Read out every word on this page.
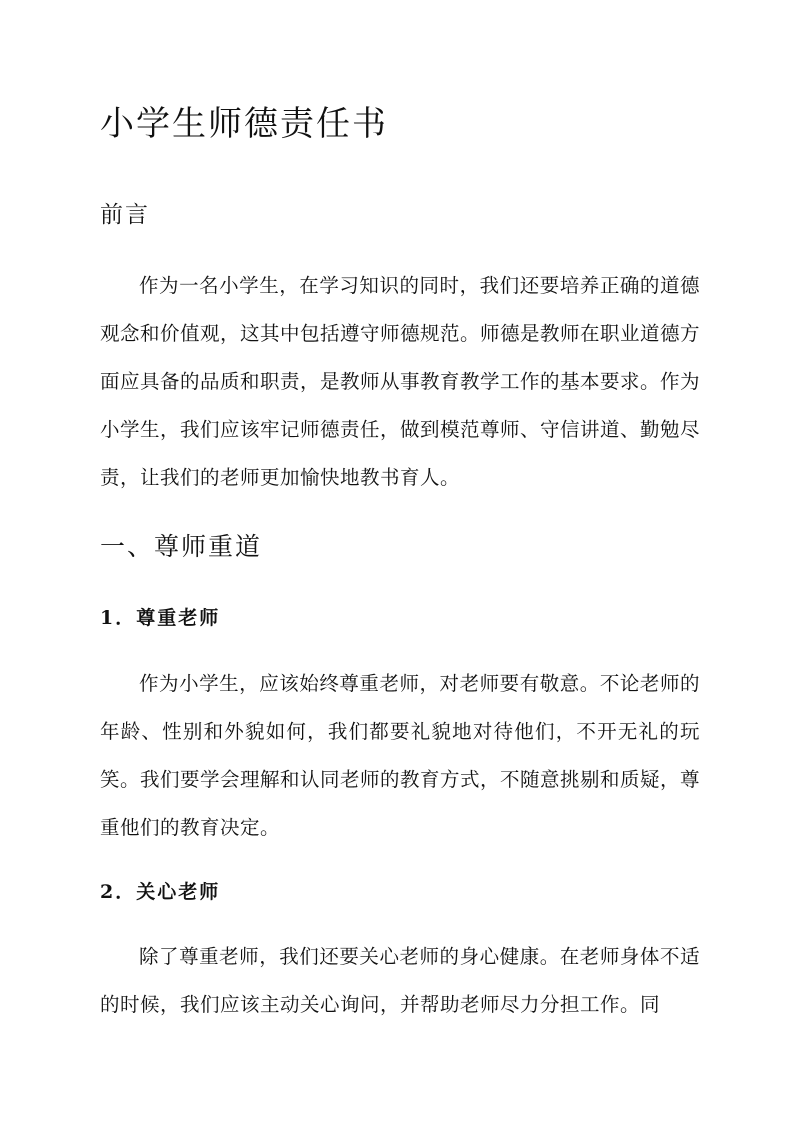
小学生师德责任书
前言

作为一名小学生，在学习知识的同时，我们还要培养正确的道德观念和价值观，这其中包括遵守师德规范。师德是教师在职业道德方面应具备的品质和职责，是教师从事教育教学工作的基本要求。作为小学生，我们应该牢记师德责任，做到模范尊师、守信讲道、勤勉尽责，让我们的老师更加愉快地教书育人。

一、尊师重道
1．尊重老师

作为小学生，应该始终尊重老师，对老师要有敬意。不论老师的年龄、性别和外貌如何，我们都要礼貌地对待他们，不开无礼的玩笑。我们要学会理解和认同老师的教育方式，不随意挑剔和质疑，尊重他们的教育决定。

2．关心老师

除了尊重老师，我们还要关心老师的身心健康。在老师身体不适的时候，我们应该主动关心询问，并帮助老师尽力分担工作。同
